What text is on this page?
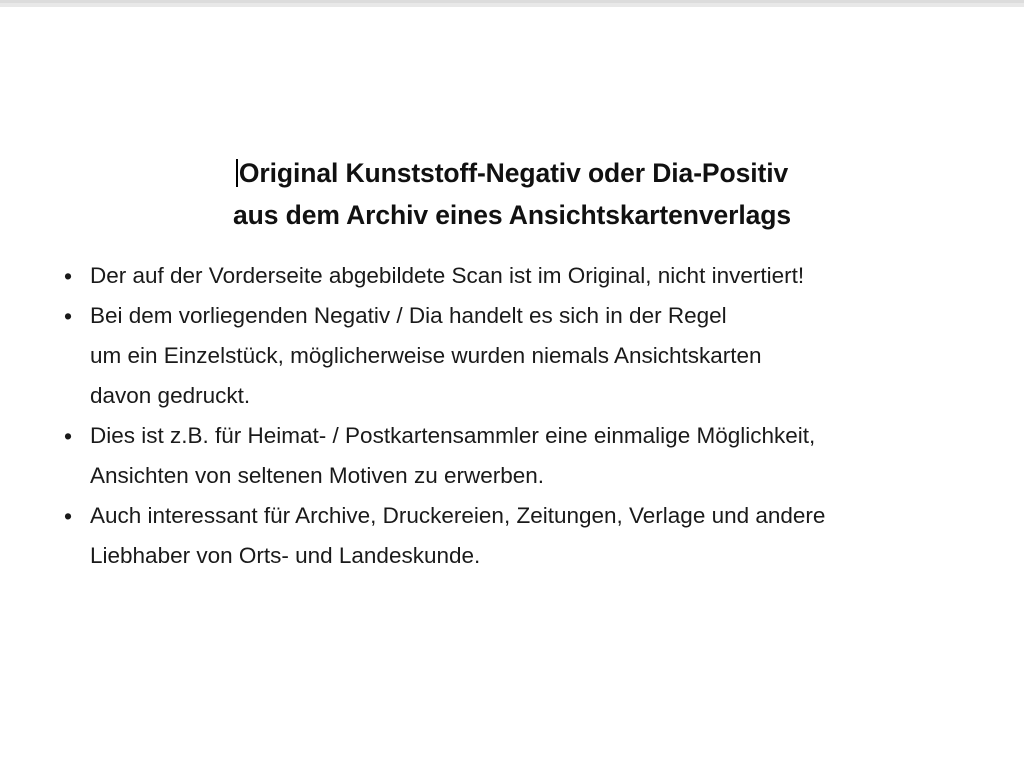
Original Kunststoff-Negativ oder Dia-Positiv
aus dem Archiv eines Ansichtskartenverlags
• Der auf der Vorderseite abgebildete Scan ist im Original, nicht invertiert!
• Bei dem vorliegenden Negativ / Dia handelt es sich in der Regel
um ein Einzelstück, möglicherweise wurden niemals Ansichtskarten
davon gedruckt.
• Dies ist z.B. für Heimat- / Postkartensammler eine einmalige Möglichkeit,
Ansichten von seltenen Motiven zu erwerben.
• Auch interessant für Archive, Druckereien, Zeitungen, Verlage und andere
Liebhaber von Orts- und Landeskunde.
